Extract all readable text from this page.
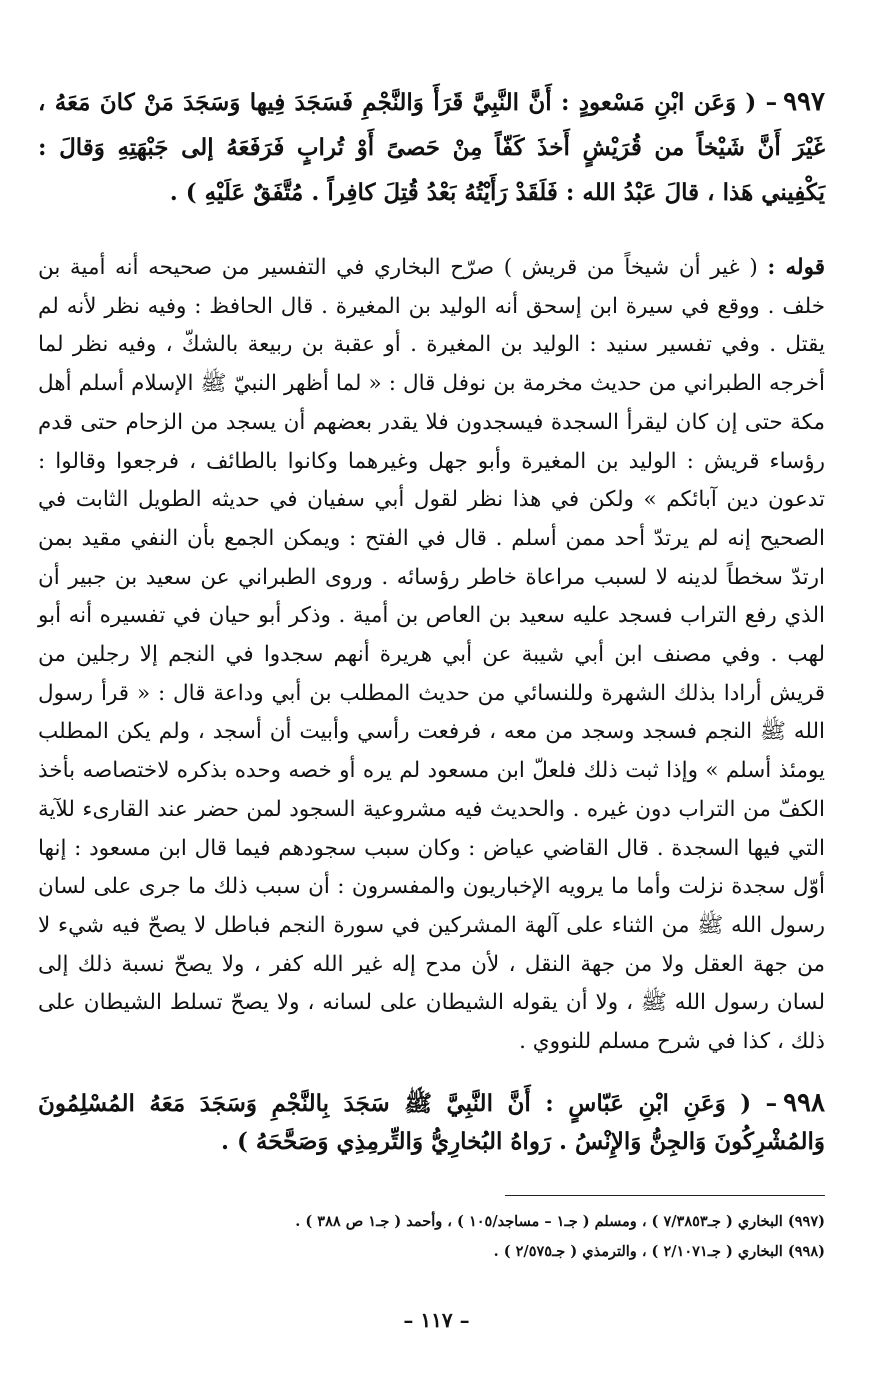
٩٩٧– ( وَعَن ابْنِ مَسْعودٍ : أَنَّ النَّبِيَّ قَرَأَ وَالنَّجْمِ فَسَجَدَ فِيها وَسَجَدَ مَنْ كانَ مَعَهُ ، غَيْرَ أَنَّ شَيْخاً من قُرَيْشٍ أَخذَ كَفّاً مِنْ حَصىً أَوْ تُرابٍ فَرَفَعَهُ إلى جَبْهَتِهِ وَقالَ : يَكْفِيني هَذا ، قالَ عَبْدُ الله : فَلَقَدْ رَأَيْتُهُ بَعْدُ قُتِلَ كافِراً . مُتَّفَقٌ عَلَيْهِ ) .

قوله : ( غير أن شيخاً من قريش ) صرّح البخاري في التفسير من صحيحه أنه أمية بن خلف . ووقع في سيرة ابن إسحق أنه الوليد بن المغيرة . قال الحافظ : وفيه نظر لأنه لم يقتل . وفي تفسير سنيد : الوليد بن المغيرة . أو عقبة بن ربيعة بالشكّ ، وفيه نظر لما أخرجه الطبراني من حديث مخرمة بن نوفل قال : « لما أظهر النبيّ ﷺ الإسلام أسلم أهل مكة حتى إن كان ليقرأ السجدة فيسجدون فلا يقدر بعضهم أن يسجد من الزحام حتى قدم رؤساء قريش : الوليد بن المغيرة وأبو جهل وغيرهما وكانوا بالطائف ، فرجعوا وقالوا : تدعون دين آبائكم » ولكن في هذا نظر لقول أبي سفيان في حديثه الطويل الثابت في الصحيح إنه لم يرتدّ أحد ممن أسلم . قال في الفتح : ويمكن الجمع بأن النفي مقيد بمن ارتدّ سخطاً لدينه لا لسبب مراعاة خاطر رؤسائه . وروى الطبراني عن سعيد بن جبير أن الذي رفع التراب فسجد عليه سعيد بن العاص بن أمية . وذكر أبو حيان في تفسيره أنه أبو لهب . وفي مصنف ابن أبي شيبة عن أبي هريرة أنهم سجدوا في النجم إلا رجلين من قريش أرادا بذلك الشهرة وللنسائي من حديث المطلب بن أبي وداعة قال : « قرأ رسول الله ﷺ النجم فسجد وسجد من معه ، فرفعت رأسي وأبيت أن أسجد ، ولم يكن المطلب يومئذ أسلم » وإذا ثبت ذلك فلعلّ ابن مسعود لم يره أو خصه وحده بذكره لاختصاصه بأخذ الكفّ من التراب دون غيره . والحديث فيه مشروعية السجود لمن حضر عند القارىء للآية التي فيها السجدة . قال القاضي عياض : وكان سبب سجودهم فيما قال ابن مسعود : إنها أوّل سجدة نزلت وأما ما يرويه الإخباريون والمفسرون : أن سبب ذلك ما جرى على لسان رسول الله ﷺ من الثناء على آلهة المشركين في سورة النجم فباطل لا يصحّ فيه شيء لا من جهة العقل ولا من جهة النقل ، لأن مدح إله غير الله كفر ، ولا يصحّ نسبة ذلك إلى لسان رسول الله ﷺ ، ولا أن يقوله الشيطان على لسانه ، ولا يصحّ تسلط الشيطان على ذلك ، كذا في شرح مسلم للنووي .

٩٩٨– ( وَعَنِ ابْنِ عَبّاسٍ : أَنَّ النَّبِيَّ ﷺ سَجَدَ بِالنَّجْمِ وَسَجَدَ مَعَهُ المُسْلِمُونَ وَالمُشْرِكُونَ وَالجِنُّ وَالإِنْسُ . رَواهُ البُخارِيُّ وَالتِّرمِذِي وَصَحَّحَهُ ) .

(٩٩٧) البخاري ( جـ٧/٣٨٥٣ ) ، ومسلم ( جـ١ – مساجد/١٠٥ ) ، وأحمد ( جـ١ ص ٣٨٨ ) .
(٩٩٨) البخاري ( جـ٢/١٠٧١ ) ، والترمذي ( جـ٢/٥٧٥ ) .
– ١١٧ –
